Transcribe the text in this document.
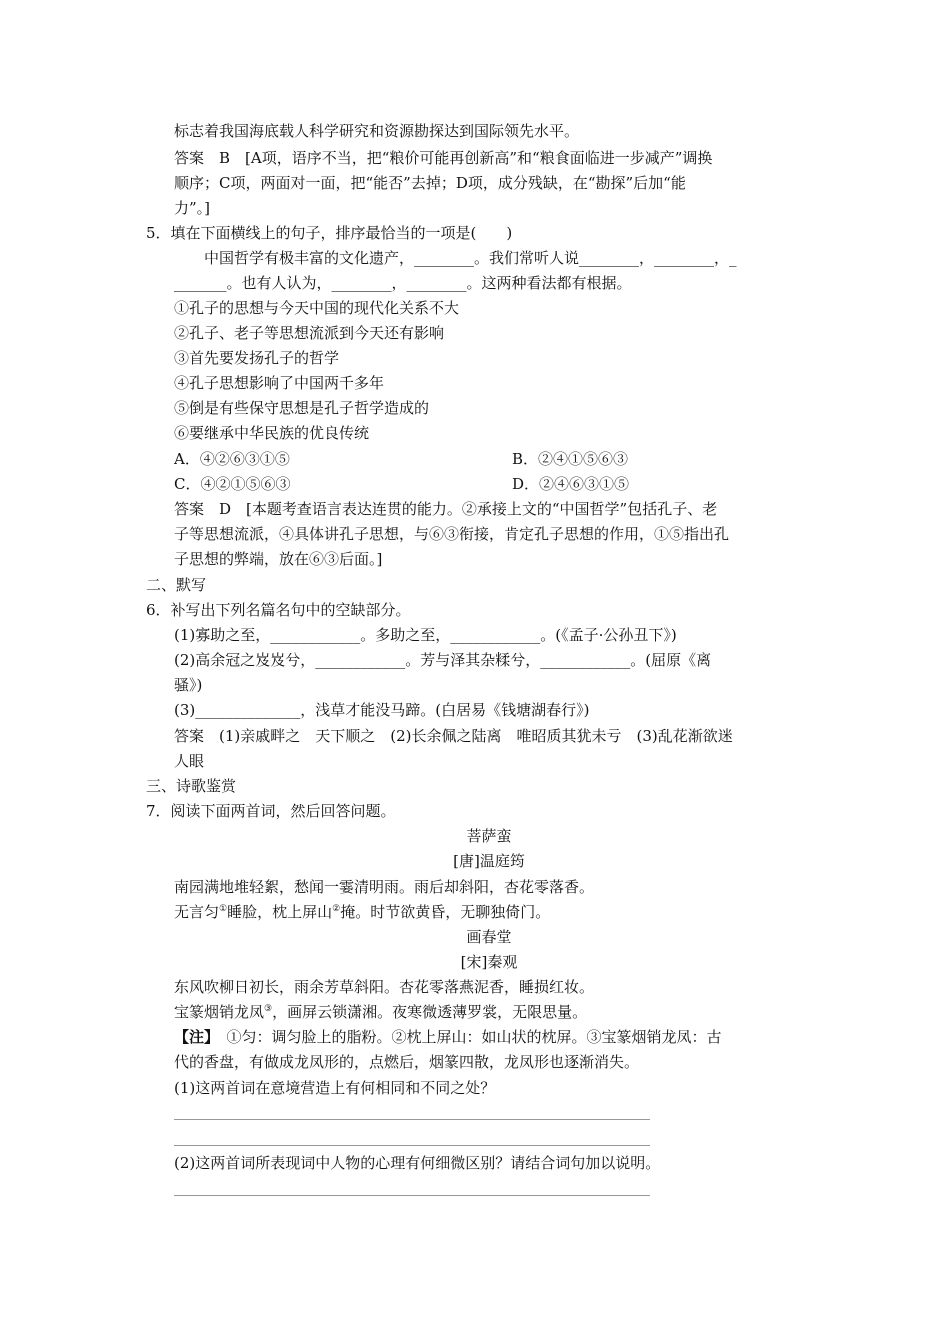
标志着我国海底载人科学研究和资源勘探达到国际领先水平。
答案　B　[A项，语序不当，把“粮价可能再创新高”和“粮食面临进一步减产”调换
顺序；C项，两面对一面，把“能否”去掉；D项，成分残缺，在“勘探”后加“能
力”。]
5．填在下面横线上的句子，排序最恰当的一项是(　　)
中国哲学有极丰富的文化遗产，________。我们常听人说________，________，_
_______。也有人认为，________，________。这两种看法都有根据。
①孔子的思想与今天中国的现代化关系不大
②孔子、老子等思想流派到今天还有影响
③首先要发扬孔子的哲学
④孔子思想影响了中国两千多年
⑤倒是有些保守思想是孔子哲学造成的
⑥要继承中华民族的优良传统
A．④②⑥③①⑤	B．②④①⑤⑥③
C．④②①⑤⑥③	D．②④⑥③①⑤
答案　D　[本题考查语言表达连贯的能力。②承接上文的“中国哲学”包括孔子、老
子等思想流派，④具体讲孔子思想，与⑥③衔接，肯定孔子思想的作用，①⑤指出孔
子思想的弊端，放在⑥③后面。]
二、默写
6．补写出下列名篇名句中的空缺部分。
(1)寡助之至，____________。多助之至，____________。(《孟子·公孙丑下》)
(2)高余冠之岌岌兮，____________。芳与泽其杂糅兮，____________。(屈原《离
骚》)
(3)______________，浅草才能没马蹄。(白居易《钱塘湖春行》)
答案　(1)亲戚畔之　天下顺之　(2)长余佩之陆离　唯昭质其犹未亏　(3)乱花渐欲迷
人眼
三、诗歌鉴赏
7．阅读下面两首词，然后回答问题。
菩萨蛮
[唐]温庭筠
南园满地堆轻絮，愁闻一霎清明雨。雨后却斜阳，杏花零落香。
无言匀①睡脸，枕上屏山②掩。时节欲黄昏，无聊独倚门。
画春堂
[宋]秦观
东风吹柳日初长，雨余芳草斜阳。杏花零落燕泥香，睡损红妆。
宝篆烟销龙凤③，画屏云锁潇湘。夜寒微透薄罗裳，无限思量。
【注】　①匀：调匀脸上的脂粉。②枕上屏山：如山状的枕屏。③宝篆烟销龙凤：古
代的香盘，有做成龙凤形的，点燃后，烟篆四散，龙凤形也逐渐消失。
(1)这两首词在意境营造上有何相同和不同之处？
(2)这两首词所表现词中人物的心理有何细微区别？请结合词句加以说明。
